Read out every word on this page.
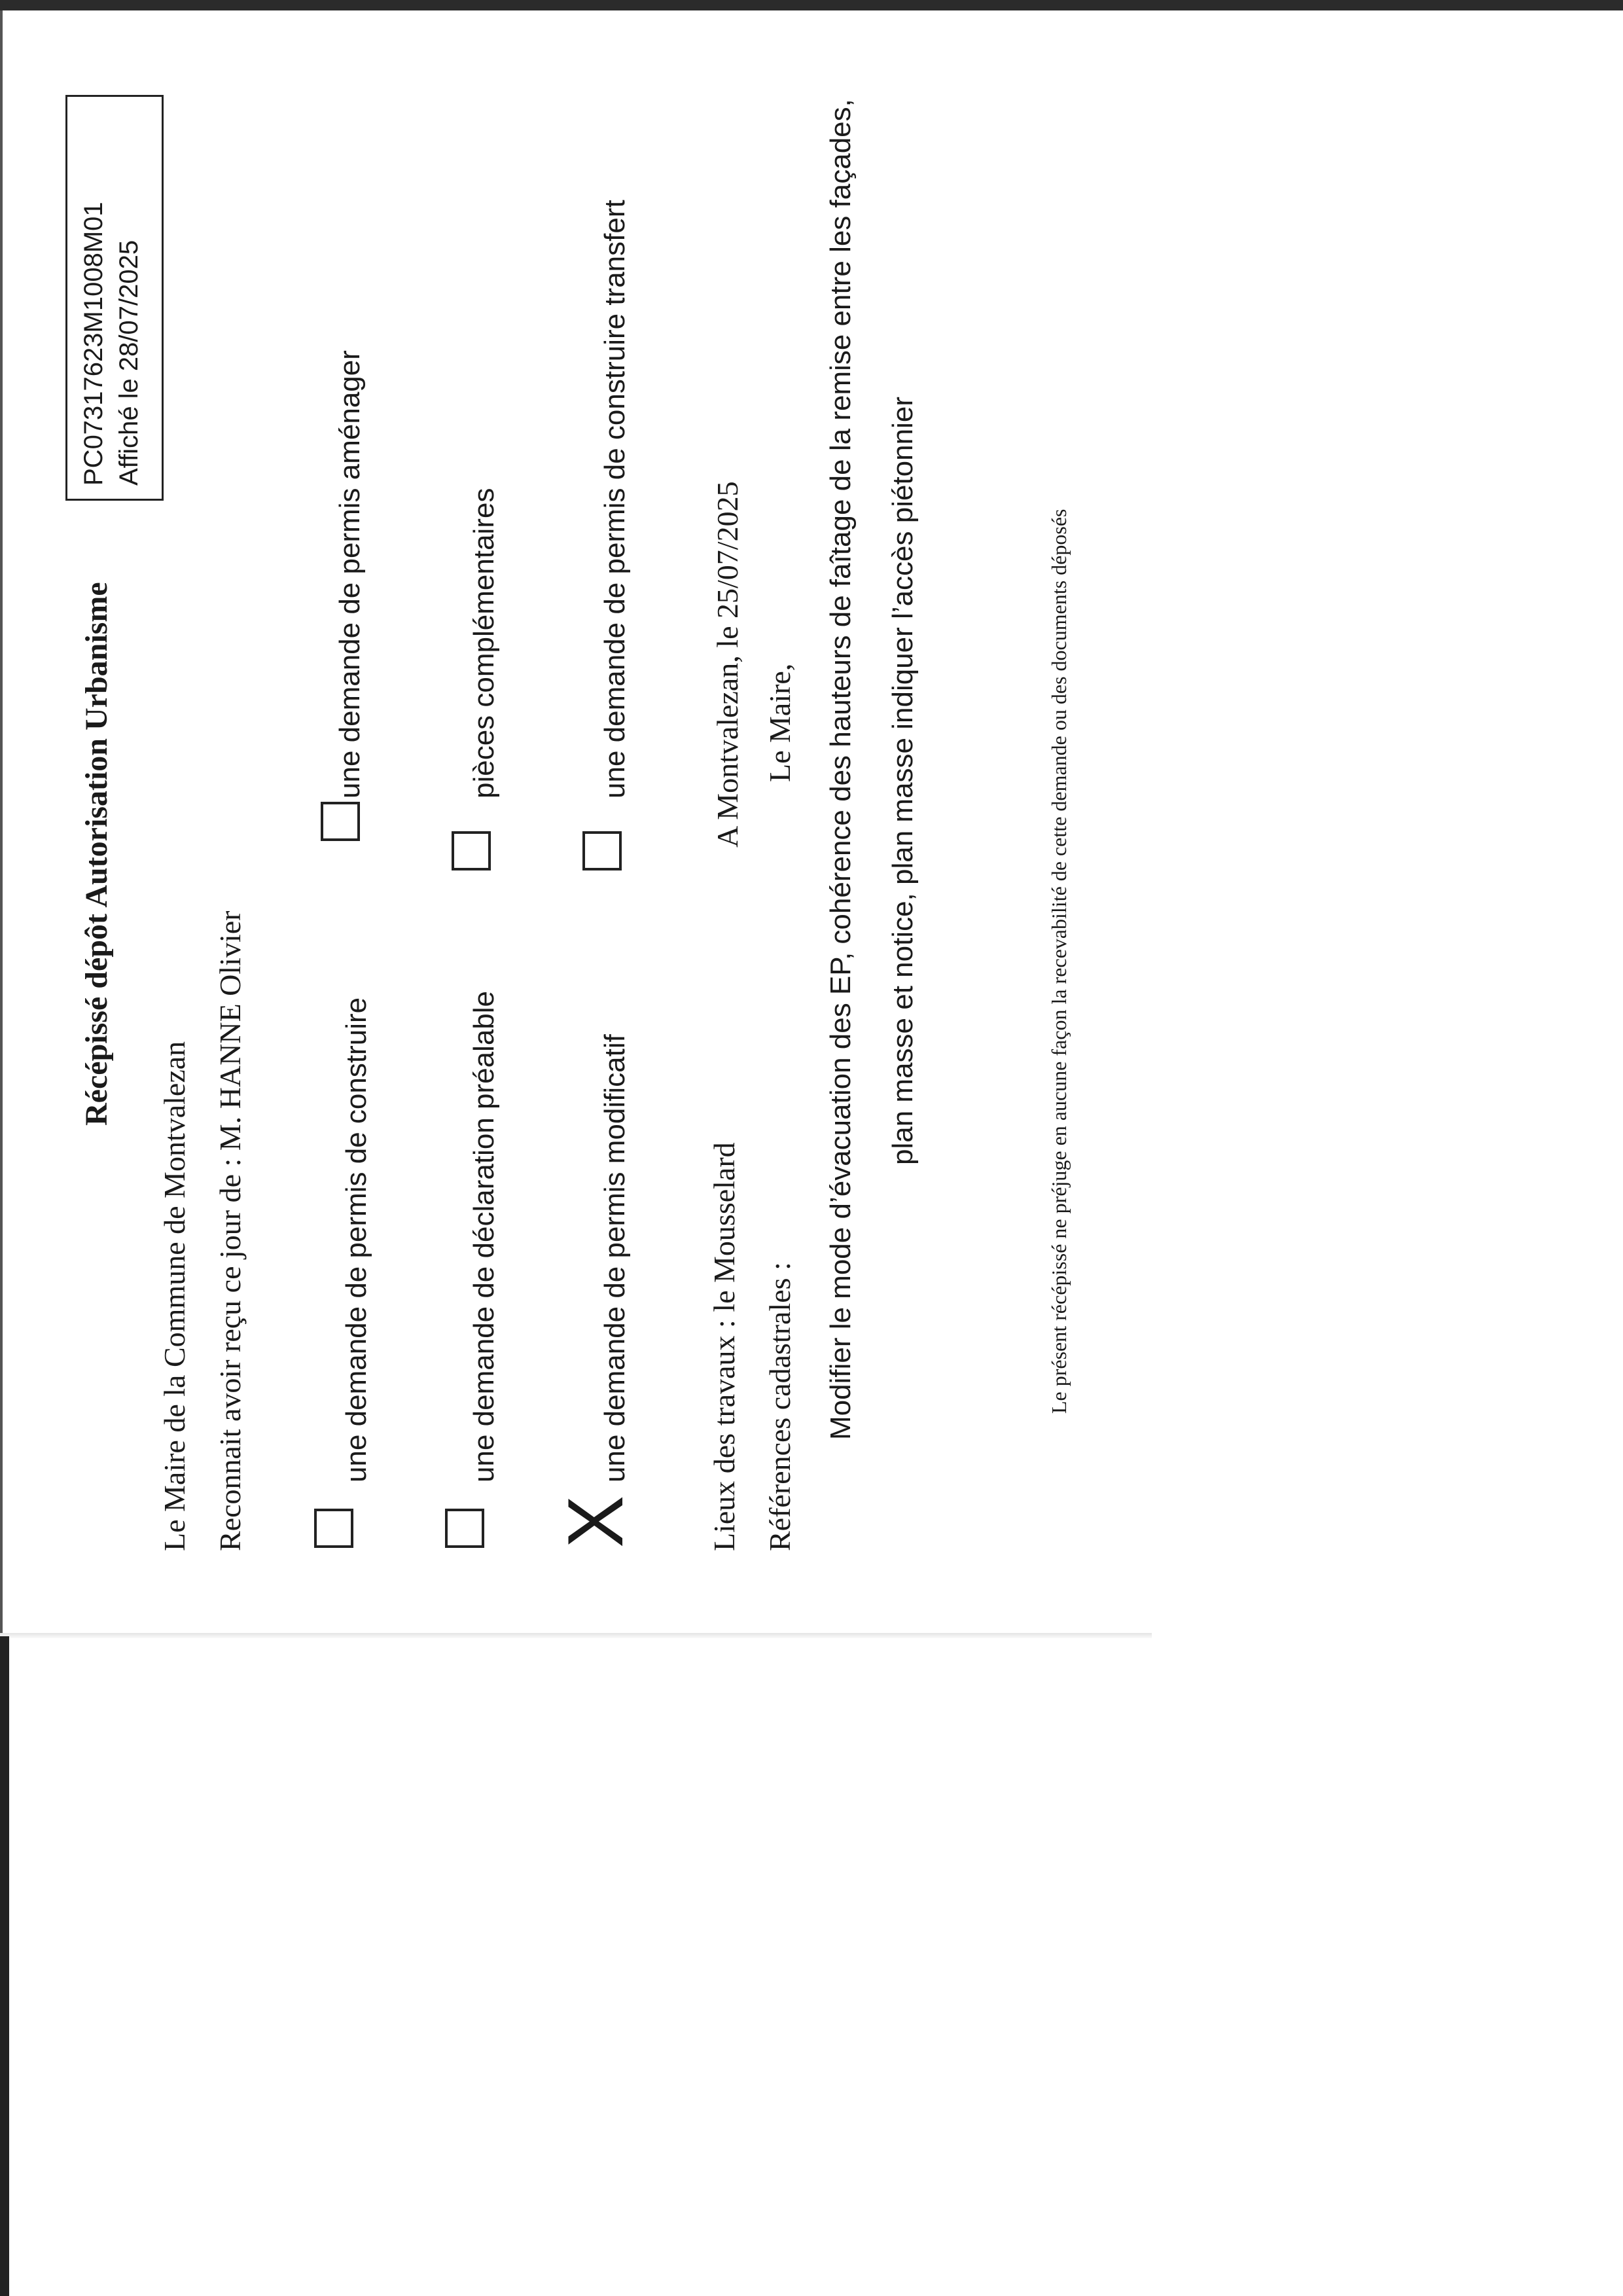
Récépissé dépôt Autorisation Urbanisme
PC07317623M1008M01 Affiché le 28/07/2025
Le Maire de la Commune de Montvalezan Reconnait avoir reçu ce jour de : M. HANNE Olivier	une demande de permis de construire
une demande de permis aménager
une demande de déclaration préalable
pièces complémentaires
X
une demande de permis modificatif
une demande de permis de construire transfert
Lieux des travaux : le Mousselard Références cadastrales :
A Montvalezan, le 25/07/2025 Le Maire, Modifier le mode d’évacuation des EP, cohérence des hauteurs de faîtage de la remise entre les façades, plan masse et notice, plan masse indiquer l’accès piétonnier	Le présent récépissé ne préjuge en aucune façon la recevabilité de cette demande ou des documents déposés
